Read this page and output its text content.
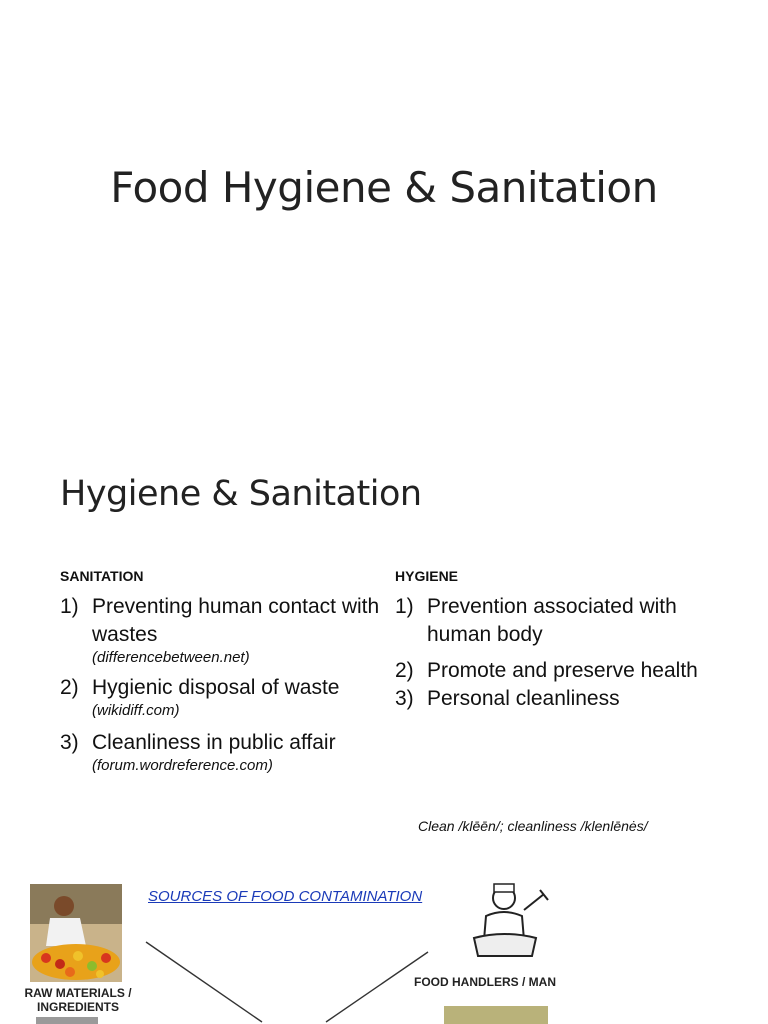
Food Hygiene & Sanitation
Hygiene & Sanitation
SANITATION	HYGIENE
1) Preventing human contact with wastes
(differencebetween.net)
2) Hygienic disposal of waste
(wikidiff.com)
3) Cleanliness in public affair
(forum.wordreference.com)
1) Prevention associated with human body
2) Promote and preserve health
3) Personal cleanliness
Clean /klēēn/; cleanliness /klenlēnės/
SOURCES OF FOOD CONTAMINATION
RAW MATERIALS / INGREDIENTS
FOOD HANDLERS / MAN
